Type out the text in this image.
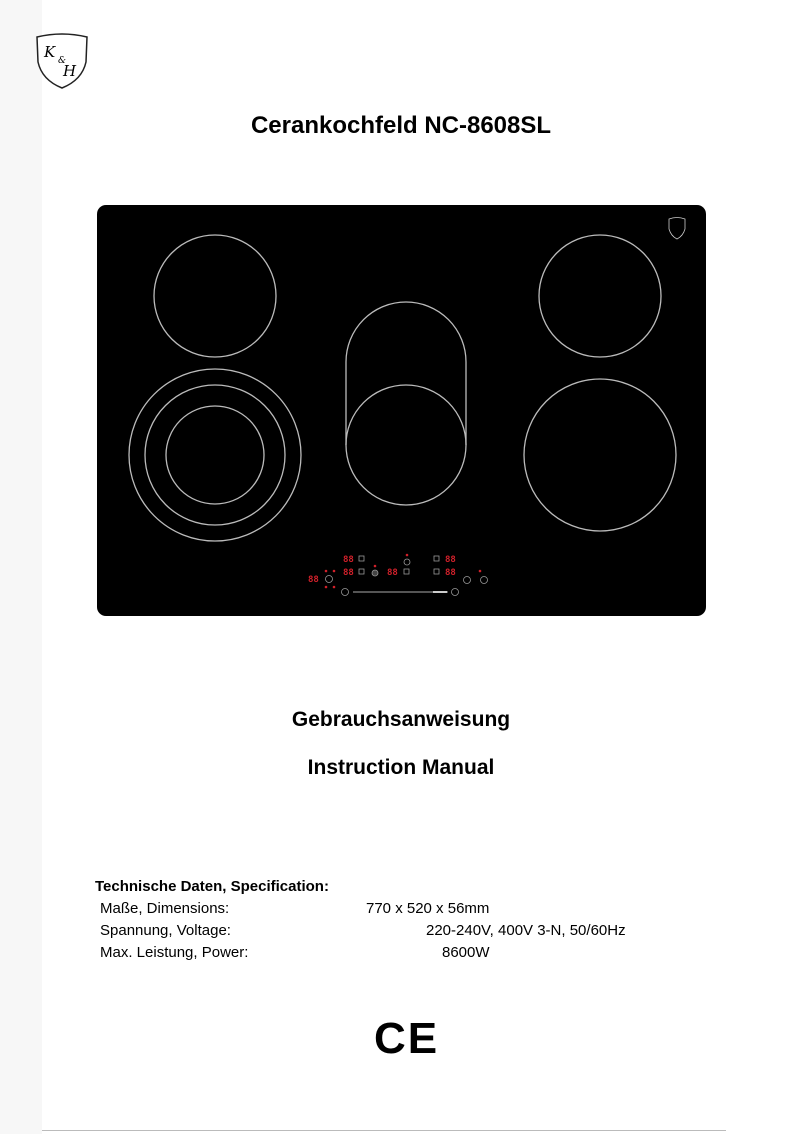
K &
H
Cerankochfeld NC-8608SL
88
88	88
88
88
88
Gebrauchsanweisung
Instruction Manual
Technische Daten, Specification:
Maße, Dimensions:	770 x 520 x 56mm
Spannung, Voltage:	220-240V, 400V 3-N, 50/60Hz
Max. Leistung, Power:	8600W
CE
